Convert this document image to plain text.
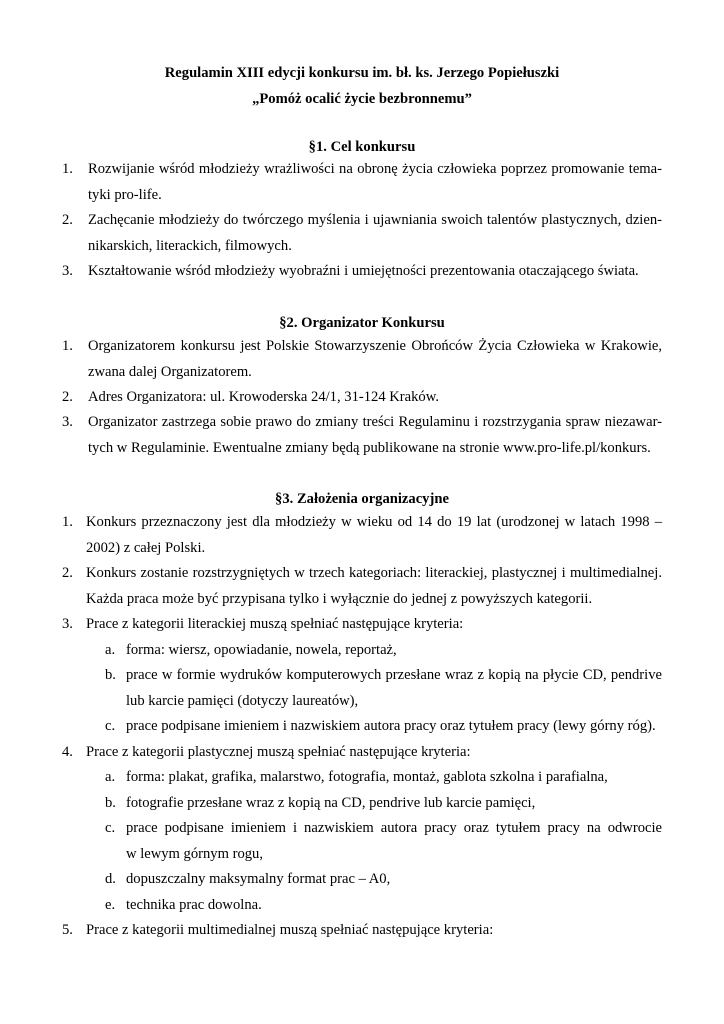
Regulamin XIII edycji konkursu im. bł. ks. Jerzego Popiełuszki
„Pomóż ocalić życie bezbronnemu”
§1. Cel konkursu
1. Rozwijanie wśród młodzieży wrażliwości na obronę życia człowieka poprzez promowanie tema-
tyki pro-life.
2. Zachęcanie młodzieży do twórczego myślenia i ujawniania swoich talentów plastycznych, dzien-
nikarskich, literackich, filmowych.
3. Kształtowanie wśród młodzieży wyobraźni i umiejętności prezentowania otaczającego świata.
§2. Organizator Konkursu
1. Organizatorem konkursu jest Polskie Stowarzyszenie Obrońców Życia Człowieka w Krakowie,
zwana dalej Organizatorem.
2. Adres Organizatora: ul. Krowoderska 24/1, 31-124 Kraków.
3. Organizator zastrzega sobie prawo do zmiany treści Regulaminu i rozstrzygania spraw niezawar-
tych w Regulaminie. Ewentualne zmiany będą publikowane na stronie www.pro-life.pl/konkurs.
§3. Założenia organizacyjne
1. Konkurs przeznaczony jest dla młodzieży w wieku od 14 do 19 lat (urodzonej w latach 1998 –
2002) z całej Polski.
2. Konkurs zostanie rozstrzygniętych w trzech kategoriach: literackiej, plastycznej i multimedialnej.
Każda praca może być przypisana tylko i wyłącznie do jednej z powyższych kategorii.
3. Prace z kategorii literackiej muszą spełniać następujące kryteria:
a. forma: wiersz, opowiadanie, nowela, reportaż,
b. prace w formie wydruków komputerowych przesłane wraz z kopią na płycie CD, pendrive
lub karcie pamięci (dotyczy laureatów),
c. prace podpisane imieniem i nazwiskiem autora pracy oraz tytułem pracy (lewy górny róg).
4. Prace z kategorii plastycznej muszą spełniać następujące kryteria:
a. forma: plakat, grafika, malarstwo, fotografia, montaż, gablota szkolna i parafialna,
b. fotografie przesłane wraz z kopią na CD, pendrive lub karcie pamięci,
c. prace podpisane imieniem i nazwiskiem autora pracy oraz tytułem pracy na odwrocie
w lewym górnym rogu,
d. dopuszczalny maksymalny format prac – A0,
e. technika prac dowolna.
5. Prace z kategorii multimedialnej muszą spełniać następujące kryteria:
